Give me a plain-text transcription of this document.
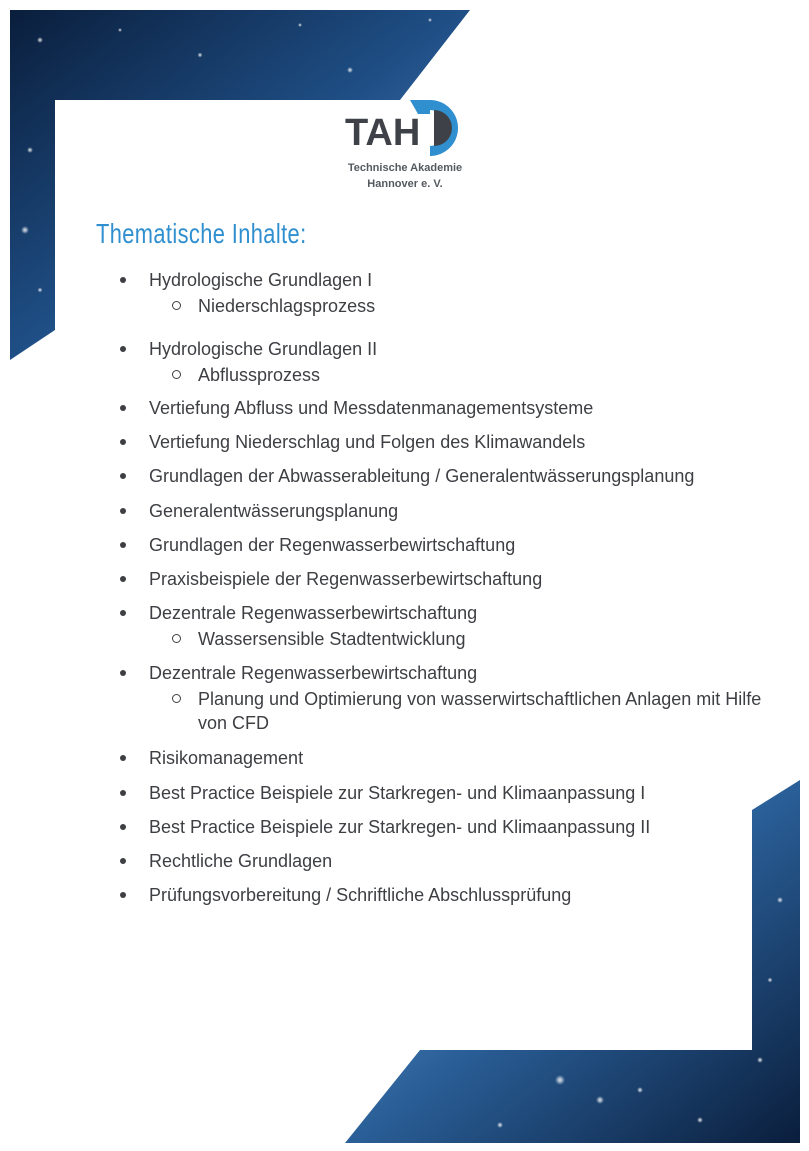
TAH
Technische Akademie
Hannover e. V.
Thematische Inhalte:
Hydrologische Grundlagen I
Niederschlagsprozess
Hydrologische Grundlagen II
Abflussprozess
Vertiefung Abfluss und Messdatenmanagementsysteme
Vertiefung Niederschlag und Folgen des Klimawandels
Grundlagen der Abwasserableitung / Generalentwässerungsplanung
Generalentwässerungsplanung
Grundlagen der Regenwasserbewirtschaftung
Praxisbeispiele der Regenwasserbewirtschaftung
Dezentrale Regenwasserbewirtschaftung
Wassersensible Stadtentwicklung
Dezentrale Regenwasserbewirtschaftung
Planung und Optimierung von wasserwirtschaftlichen Anlagen mit Hilfe von CFD
Risikomanagement
Best Practice Beispiele zur Starkregen- und Klimaanpassung I
Best Practice Beispiele zur Starkregen- und Klimaanpassung II
Rechtliche Grundlagen
Prüfungsvorbereitung / Schriftliche Abschlussprüfung
